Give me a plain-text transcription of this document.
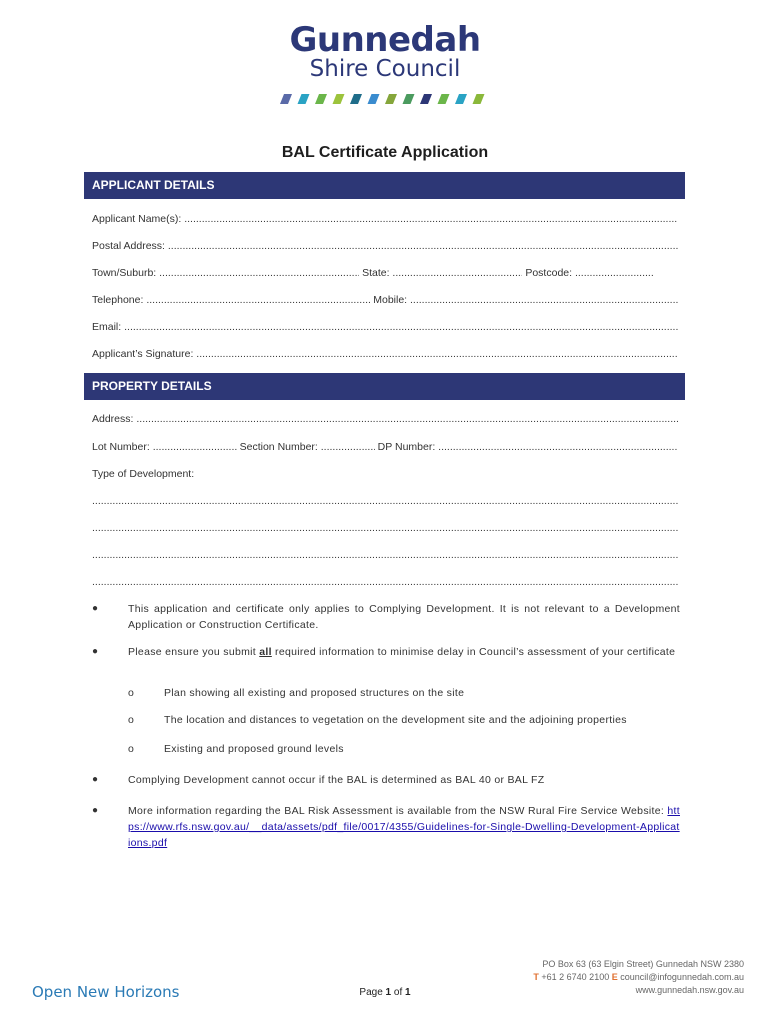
Gunnedah
Shire Council
BAL Certificate Application
APPLICANT DETAILS
Applicant Name(s):

.....
Postal Address:

.....
Town/Suburb:
.....
	State:
.....
	Postcode:

.....
Telephone:
.....
	Mobile:

.....
Email:

.....
Applicant’s Signature:

.....
PROPERTY DETAILS
Address:

.....
Lot Number:
.....
	Section Number:
.....
	DP Number:

.....
Type of Development:
.....
.....
.....
.....
●	This application and certificate only applies to Complying Development. It is not relevant to a Development Application or Construction Certificate.
●	Please ensure you submit all required information to minimise delay in Council’s assessment of your certificate
o	Plan showing all existing and proposed structures on the site
o	The location and distances to vegetation on the development site and the adjoining properties
o	Existing and proposed ground levels
●	Complying Development cannot occur if the BAL is determined as BAL 40 or BAL FZ
●	More information regarding the BAL Risk Assessment is available from the NSW Rural Fire Service Website: https://www.rfs.nsw.gov.au/__data/assets/pdf_file/0017/4355/Guidelines-for-Single-Dwelling-Development-Applications.pdf
Open New Horizons	Page 1 of 1
PO Box 63 (63 Elgin Street) Gunnedah NSW 2380
T +61 2 6740 2100 E council@infogunnedah.com.au
www.gunnedah.nsw.gov.au
